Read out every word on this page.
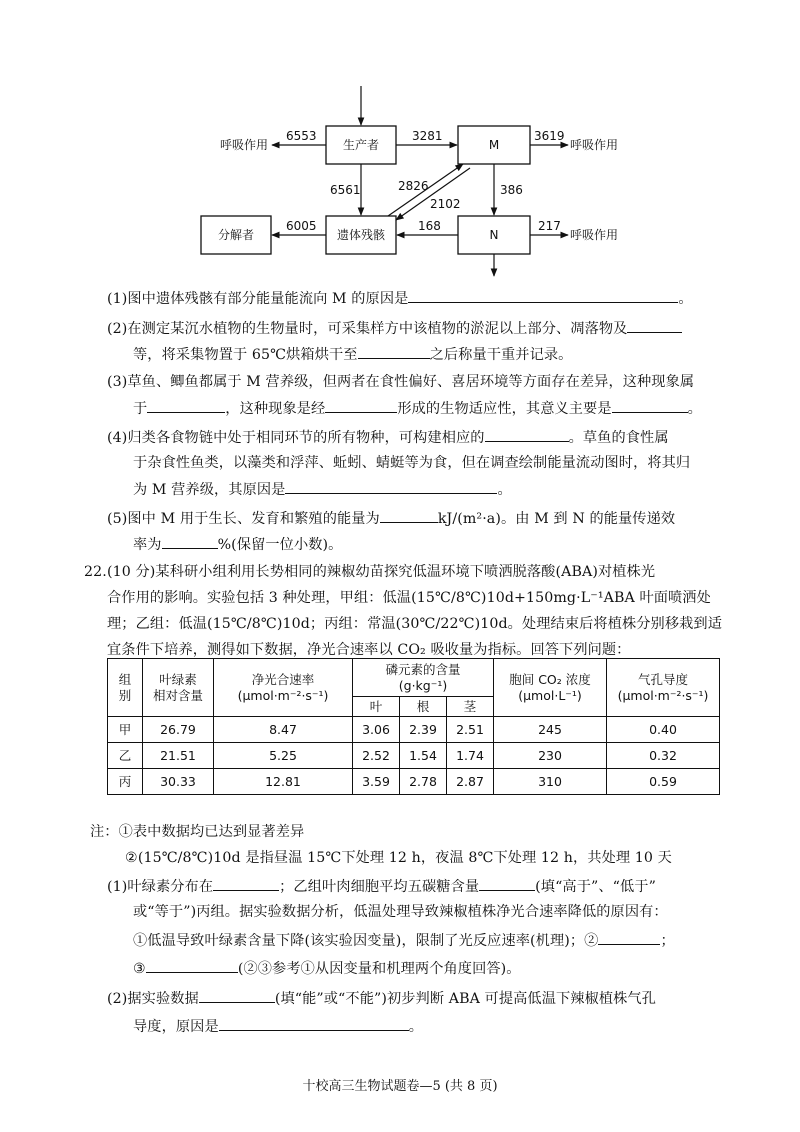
生产者	M
遗体残骸	N
分解者
呼吸作用
6553	3281	3619
呼吸作用
6561	2826
2102
386
6005	168	217
呼吸作用
(1)图中遗体残骸有部分能量能流向 M 的原因是	。
(2)在测定某沉水植物的生物量时，可采集样方中该植物的淤泥以上部分、凋落物及
等，将采集物置于 65℃烘箱烘干至	之后称量干重并记录。
(3)草鱼、鲫鱼都属于 M 营养级，但两者在食性偏好、喜居环境等方面存在差异，这种现象属
于	，这种现象是经	形成的生物适应性，其意义主要是	。
(4)归类各食物链中处于相同环节的所有物种，可构建相应的	。草鱼的食性属
于杂食性鱼类，以藻类和浮萍、蚯蚓、蜻蜓等为食，但在调查绘制能量流动图时，将其归
为 M 营养级，其原因是	。
(5)图中 M 用于生长、发育和繁殖的能量为	kJ/(m²·a)。由 M 到 N 的能量传递效
率为	%(保留一位小数)。
22. (10 分)某科研小组利用长势相同的辣椒幼苗探究低温环境下喷洒脱落酸(ABA)对植株光
合作用的影响。实验包括 3 种处理，甲组：低温(15℃/8℃)10d+150mg·L⁻¹ABA 叶面喷洒处
理；乙组：低温(15℃/8℃)10d；丙组：常温(30℃/22℃)10d。处理结束后将植株分别移栽到适
宜条件下培养，测得如下数据，净光合速率以 CO₂ 吸收量为指标。回答下列问题：
组
别	叶绿素
相对含量	净光合速率
(μmol·m⁻²·s⁻¹)	磷元素的含量
(g·kg⁻¹)			胞间 CO₂ 浓度
(μmol·L⁻¹)	气孔导度
(μmol·m⁻²·s⁻¹)
			叶	根	茎		
甲	26.79	8.47	3.06	2.39	2.51	245	0.40
乙	21.51	5.25	2.52	1.54	1.74	230	0.32
丙	30.33	12.81	3.59	2.78	2.87	310	0.59
注：①表中数据均已达到显著差异
②(15℃/8℃)10d 是指昼温 15℃下处理 12 h，夜温 8℃下处理 12 h，共处理 10 天
(1)叶绿素分布在	；乙组叶肉细胞平均五碳糖含量	(填“高于”、“低于”
或“等于”)丙组。据实验数据分析，低温处理导致辣椒植株净光合速率降低的原因有：
①低温导致叶绿素含量下降(该实验因变量)，限制了光反应速率(机理)；②	；
③	(②③参考①从因变量和机理两个角度回答)。
(2)据实验数据	(填“能”或“不能”)初步判断 ABA 可提高低温下辣椒植株气孔
导度，原因是	。
十校高三生物试题卷—5 (共 8 页)
